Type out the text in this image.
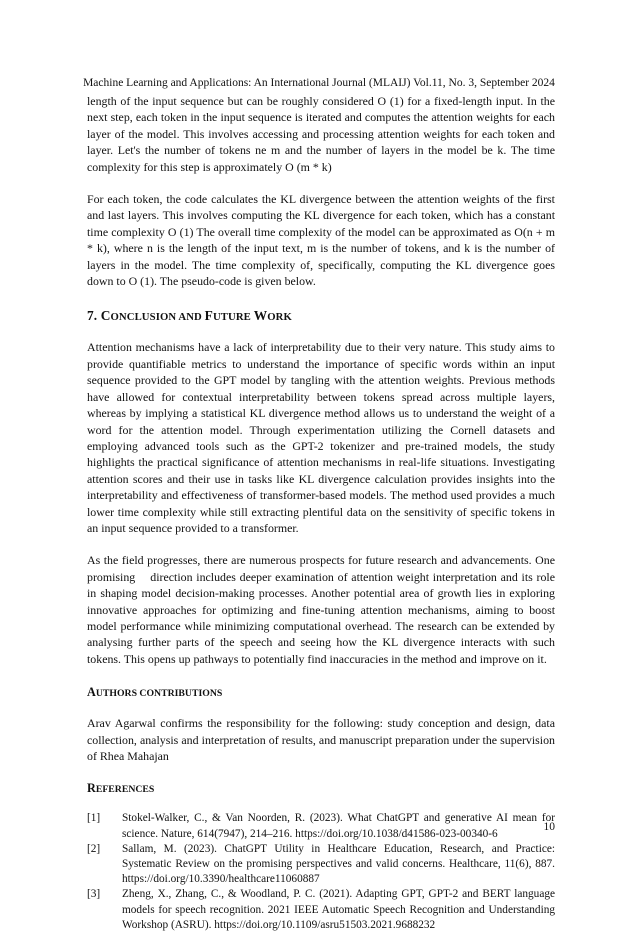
Machine Learning and Applications: An International Journal (MLAIJ) Vol.11, No. 3, September 2024

length of the input sequence but can be roughly considered O (1) for a fixed-length input. In the next step, each token in the input sequence is iterated and computes the attention weights for each layer of the model. This involves accessing and processing attention weights for each token and layer. Let's the number of tokens ne m and the number of layers in the model be k. The time complexity for this step is approximately O (m * k)

For each token, the code calculates the KL divergence between the attention weights of the first and last layers. This involves computing the KL divergence for each token, which has a constant time complexity O (1) The overall time complexity of the model can be approximated as O(n + m * k), where n is the length of the input text, m is the number of tokens, and k is the number of layers in the model. The time complexity of, specifically, computing the KL divergence goes down to O (1). The pseudo-code is given below.

7. CONCLUSION AND FUTURE WORK

Attention mechanisms have a lack of interpretability due to their very nature. This study aims to provide quantifiable metrics to understand the importance of specific words within an input sequence provided to the GPT model by tangling with the attention weights. Previous methods have allowed for contextual interpretability between tokens spread across multiple layers, whereas by implying a statistical KL divergence method allows us to understand the weight of a word for the attention model. Through experimentation utilizing the Cornell datasets and employing advanced tools such as the GPT-2 tokenizer and pre-trained models, the study highlights the practical significance of attention mechanisms in real-life situations. Investigating attention scores and their use in tasks like KL divergence calculation provides insights into the interpretability and effectiveness of transformer-based models. The method used provides a much lower time complexity while still extracting plentiful data on the sensitivity of specific tokens in an input sequence provided to a transformer.

As the field progresses, there are numerous prospects for future research and advancements. One promising    direction includes deeper examination of attention weight interpretation and its role in shaping model decision-making processes. Another potential area of growth lies in exploring innovative approaches for optimizing and fine-tuning attention mechanisms, aiming to boost model performance while minimizing computational overhead. The research can be extended by analysing further parts of the speech and seeing how the KL divergence interacts with such tokens. This opens up pathways to potentially find inaccuracies in the method and improve on it.

AUTHORS CONTRIBUTIONS

Arav Agarwal confirms the responsibility for the following: study conception and design, data collection, analysis and interpretation of results, and manuscript preparation under the supervision of Rhea Mahajan

REFERENCES
[1]	Stokel-Walker, C., & Van Noorden, R. (2023). What ChatGPT and generative AI mean for science. Nature, 614(7947), 214–216. https://doi.org/10.1038/d41586-023-00340-6
[2]	Sallam, M. (2023). ChatGPT Utility in Healthcare Education, Research, and Practice: Systematic Review on the promising perspectives and valid concerns. Healthcare, 11(6), 887. https://doi.org/10.3390/healthcare11060887
[3]	Zheng, X., Zhang, C., & Woodland, P. C. (2021). Adapting GPT, GPT-2 and BERT language models for speech recognition. 2021 IEEE Automatic Speech Recognition and Understanding Workshop (ASRU). https://doi.org/10.1109/asru51503.2021.9688232
10
